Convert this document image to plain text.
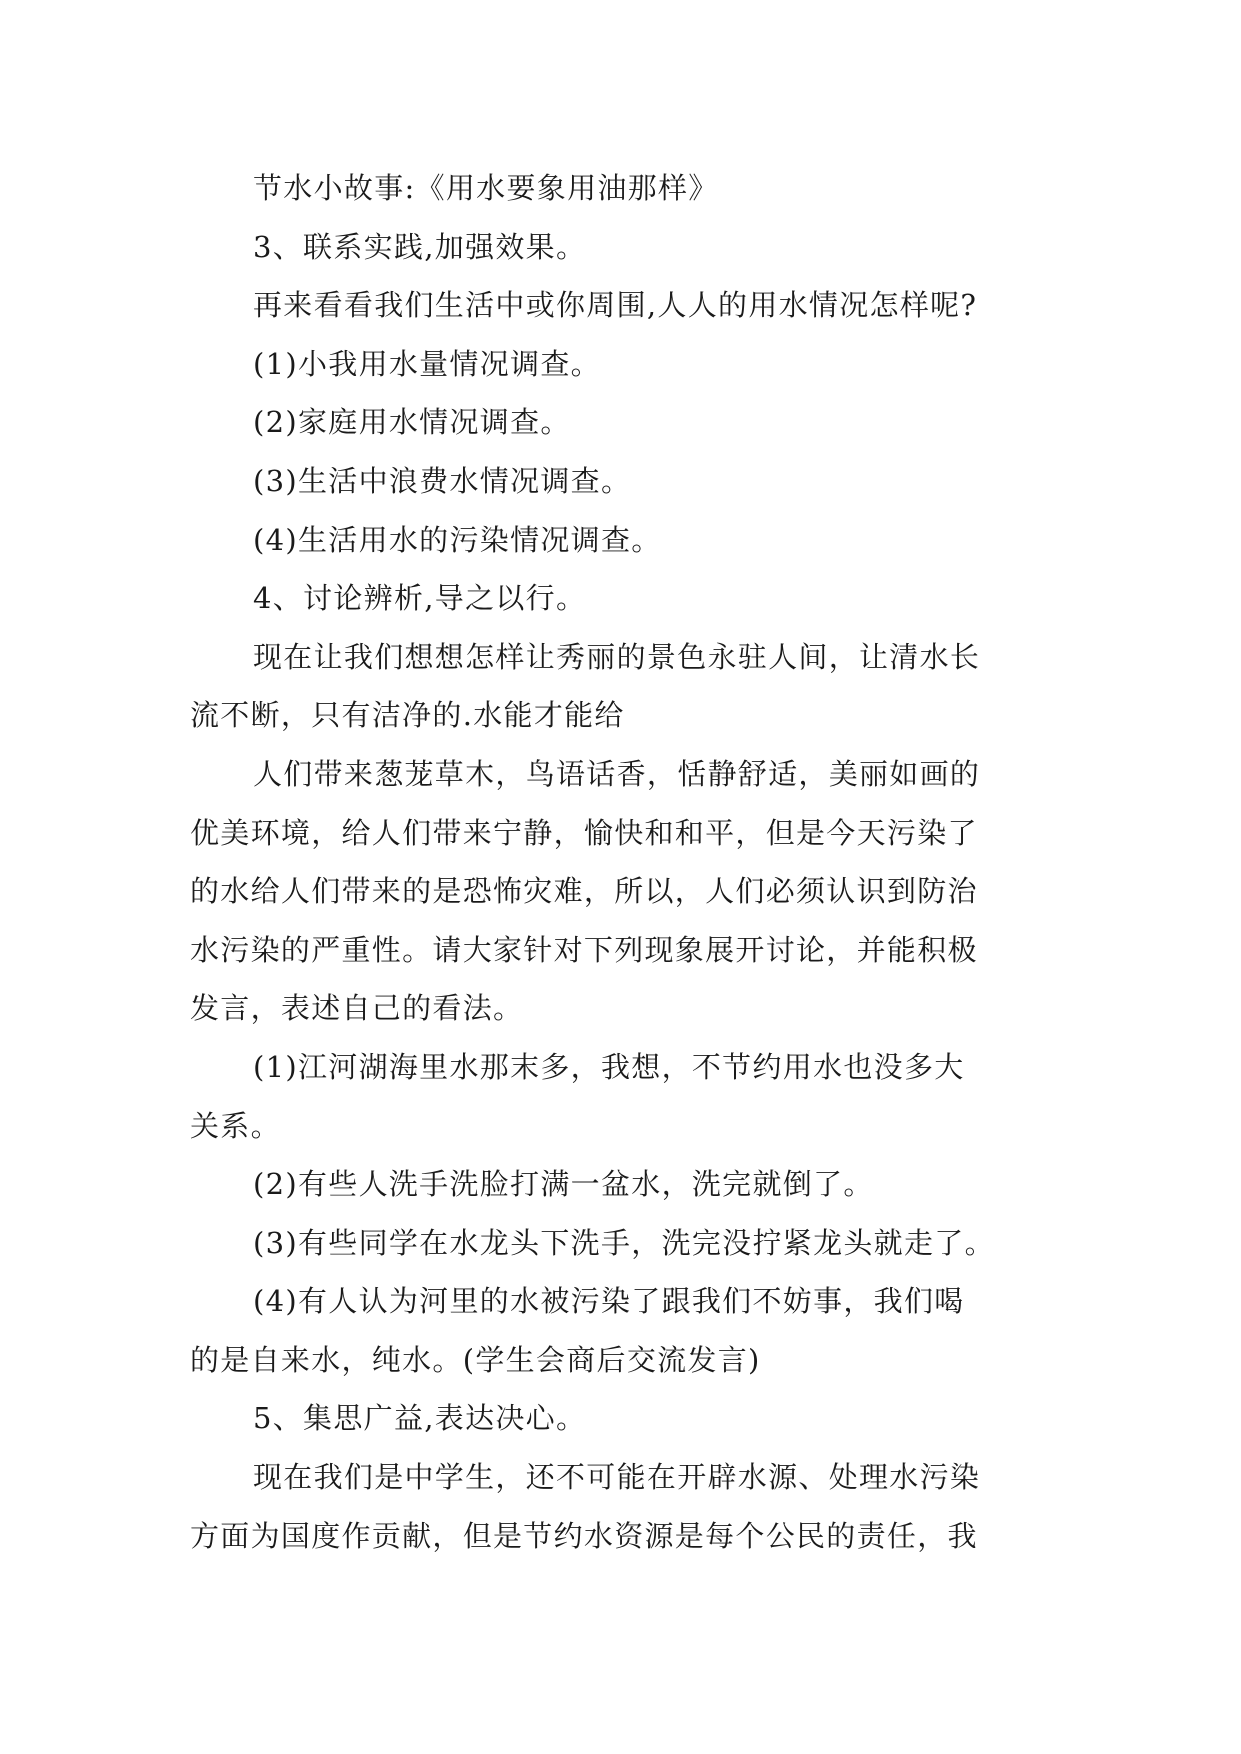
节水小故事:《用水要象用油那样》

3、联系实践,加强效果。

再来看看我们生活中或你周围,人人的用水情况怎样呢?

(1)小我用水量情况调查。

(2)家庭用水情况调查。

(3)生活中浪费水情况调查。

(4)生活用水的污染情况调查。

4、讨论辨析,导之以行。

现在让我们想想怎样让秀丽的景色永驻人间，让清水长
流不断，只有洁净的.水能才能给

人们带来葱茏草木，鸟语话香，恬静舒适，美丽如画的
优美环境，给人们带来宁静，愉快和和平，但是今天污染了
的水给人们带来的是恐怖灾难，所以，人们必须认识到防治
水污染的严重性。请大家针对下列现象展开讨论，并能积极
发言，表述自己的看法。

(1)江河湖海里水那末多，我想，不节约用水也没多大
关系。

(2)有些人洗手洗脸打满一盆水，洗完就倒了。

(3)有些同学在水龙头下洗手，洗完没拧紧龙头就走了。

(4)有人认为河里的水被污染了跟我们不妨事，我们喝
的是自来水，纯水。(学生会商后交流发言)

5、集思广益,表达决心。

现在我们是中学生，还不可能在开辟水源、处理水污染
方面为国度作贡献，但是节约水资源是每个公民的责任，我
